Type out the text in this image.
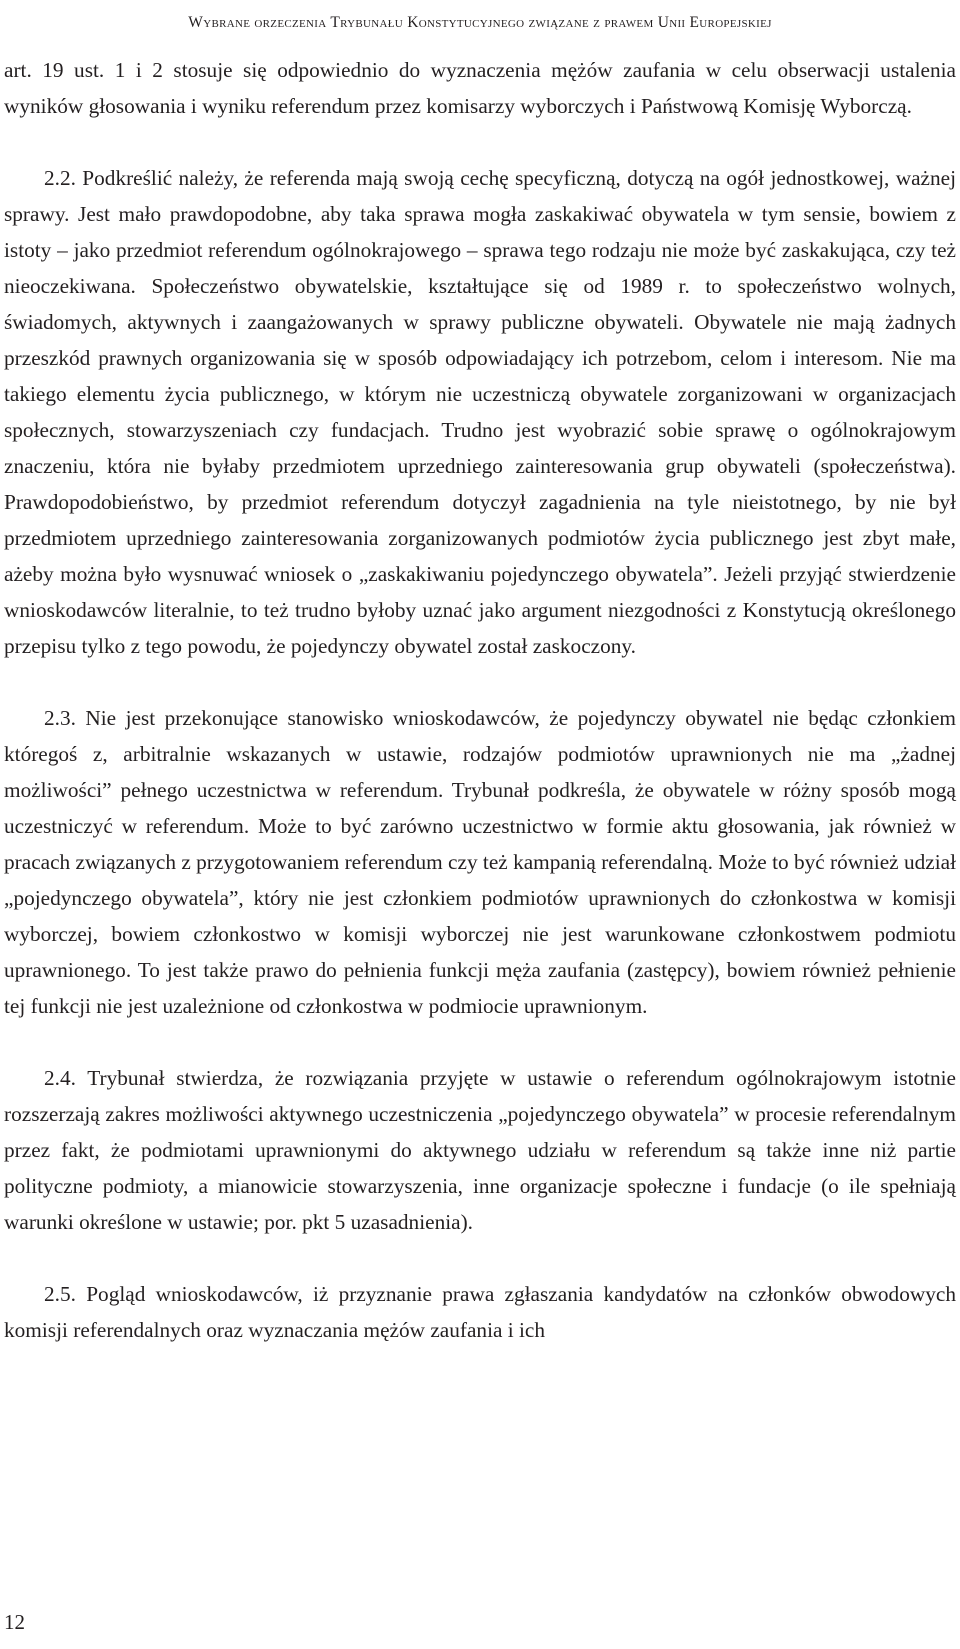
Wybrane orzeczenia Trybunału Konstytucyjnego związane z prawem Unii Europejskiej

art. 19 ust. 1 i 2 stosuje się odpowiednio do wyznaczenia mężów zaufania w celu obserwacji ustalenia wyników głosowania i wyniku referendum przez komisarzy wyborczych i Państwową Komisję Wyborczą.

2.2. Podkreślić należy, że referenda mają swoją cechę specyficzną, dotyczą na ogół jednostkowej, ważnej sprawy. Jest mało prawdopodobne, aby taka sprawa mogła zaskakiwać obywatela w tym sensie, bowiem z istoty – jako przedmiot referendum ogólnokrajowego – sprawa tego rodzaju nie może być zaskakująca, czy też nieoczekiwana. Społeczeństwo obywatelskie, kształtujące się od 1989 r. to społeczeństwo wolnych, świadomych, aktywnych i zaangażowanych w sprawy publiczne obywateli. Obywatele nie mają żadnych przeszkód prawnych organizowania się w sposób odpowiadający ich potrzebom, celom i interesom. Nie ma takiego elementu życia publicznego, w którym nie uczestniczą obywatele zorganizowani w organizacjach społecznych, stowarzyszeniach czy fundacjach. Trudno jest wyobrazić sobie sprawę o ogólnokrajowym znaczeniu, która nie byłaby przedmiotem uprzedniego zainteresowania grup obywateli (społeczeństwa). Prawdopodobieństwo, by przedmiot referendum dotyczył zagadnienia na tyle nieistotnego, by nie był przedmiotem uprzedniego zainteresowania zorganizowanych podmiotów życia publicznego jest zbyt małe, ażeby można było wysnuwać wniosek o „zaskakiwaniu pojedynczego obywatela”. Jeżeli przyjąć stwierdzenie wnioskodawców literalnie, to też trudno byłoby uznać jako argument niezgodności z Konstytucją określonego przepisu tylko z tego powodu, że pojedynczy obywatel został zaskoczony.

2.3. Nie jest przekonujące stanowisko wnioskodawców, że pojedynczy obywatel nie będąc członkiem któregoś z, arbitralnie wskazanych w ustawie, rodzajów podmiotów uprawnionych nie ma „żadnej możliwości” pełnego uczestnictwa w referendum. Trybunał podkreśla, że obywatele w różny sposób mogą uczestniczyć w referendum. Może to być zarówno uczestnictwo w formie aktu głosowania, jak również w pracach związanych z przygotowaniem referendum czy też kampanią referendalną. Może to być również udział „pojedynczego obywatela”, który nie jest członkiem podmiotów uprawnionych do członkostwa w komisji wyborczej, bowiem członkostwo w komisji wyborczej nie jest warunkowane członkostwem podmiotu uprawnionego. To jest także prawo do pełnienia funkcji męża zaufania (zastępcy), bowiem również pełnienie tej funkcji nie jest uzależnione od członkostwa w podmiocie uprawnionym.

2.4. Trybunał stwierdza, że rozwiązania przyjęte w ustawie o referendum ogólnokrajowym istotnie rozszerzają zakres możliwości aktywnego uczestniczenia „pojedynczego obywatela” w procesie referendalnym przez fakt, że podmiotami uprawnionymi do aktywnego udziału w referendum są także inne niż partie polityczne podmioty, a mianowicie stowarzyszenia, inne organizacje społeczne i fundacje (o ile spełniają warunki określone w ustawie; por. pkt 5 uzasadnienia).

2.5. Pogląd wnioskodawców, iż przyznanie prawa zgłaszania kandydatów na członków obwodowych komisji referendalnych oraz wyznaczania mężów zaufania i ich

12
